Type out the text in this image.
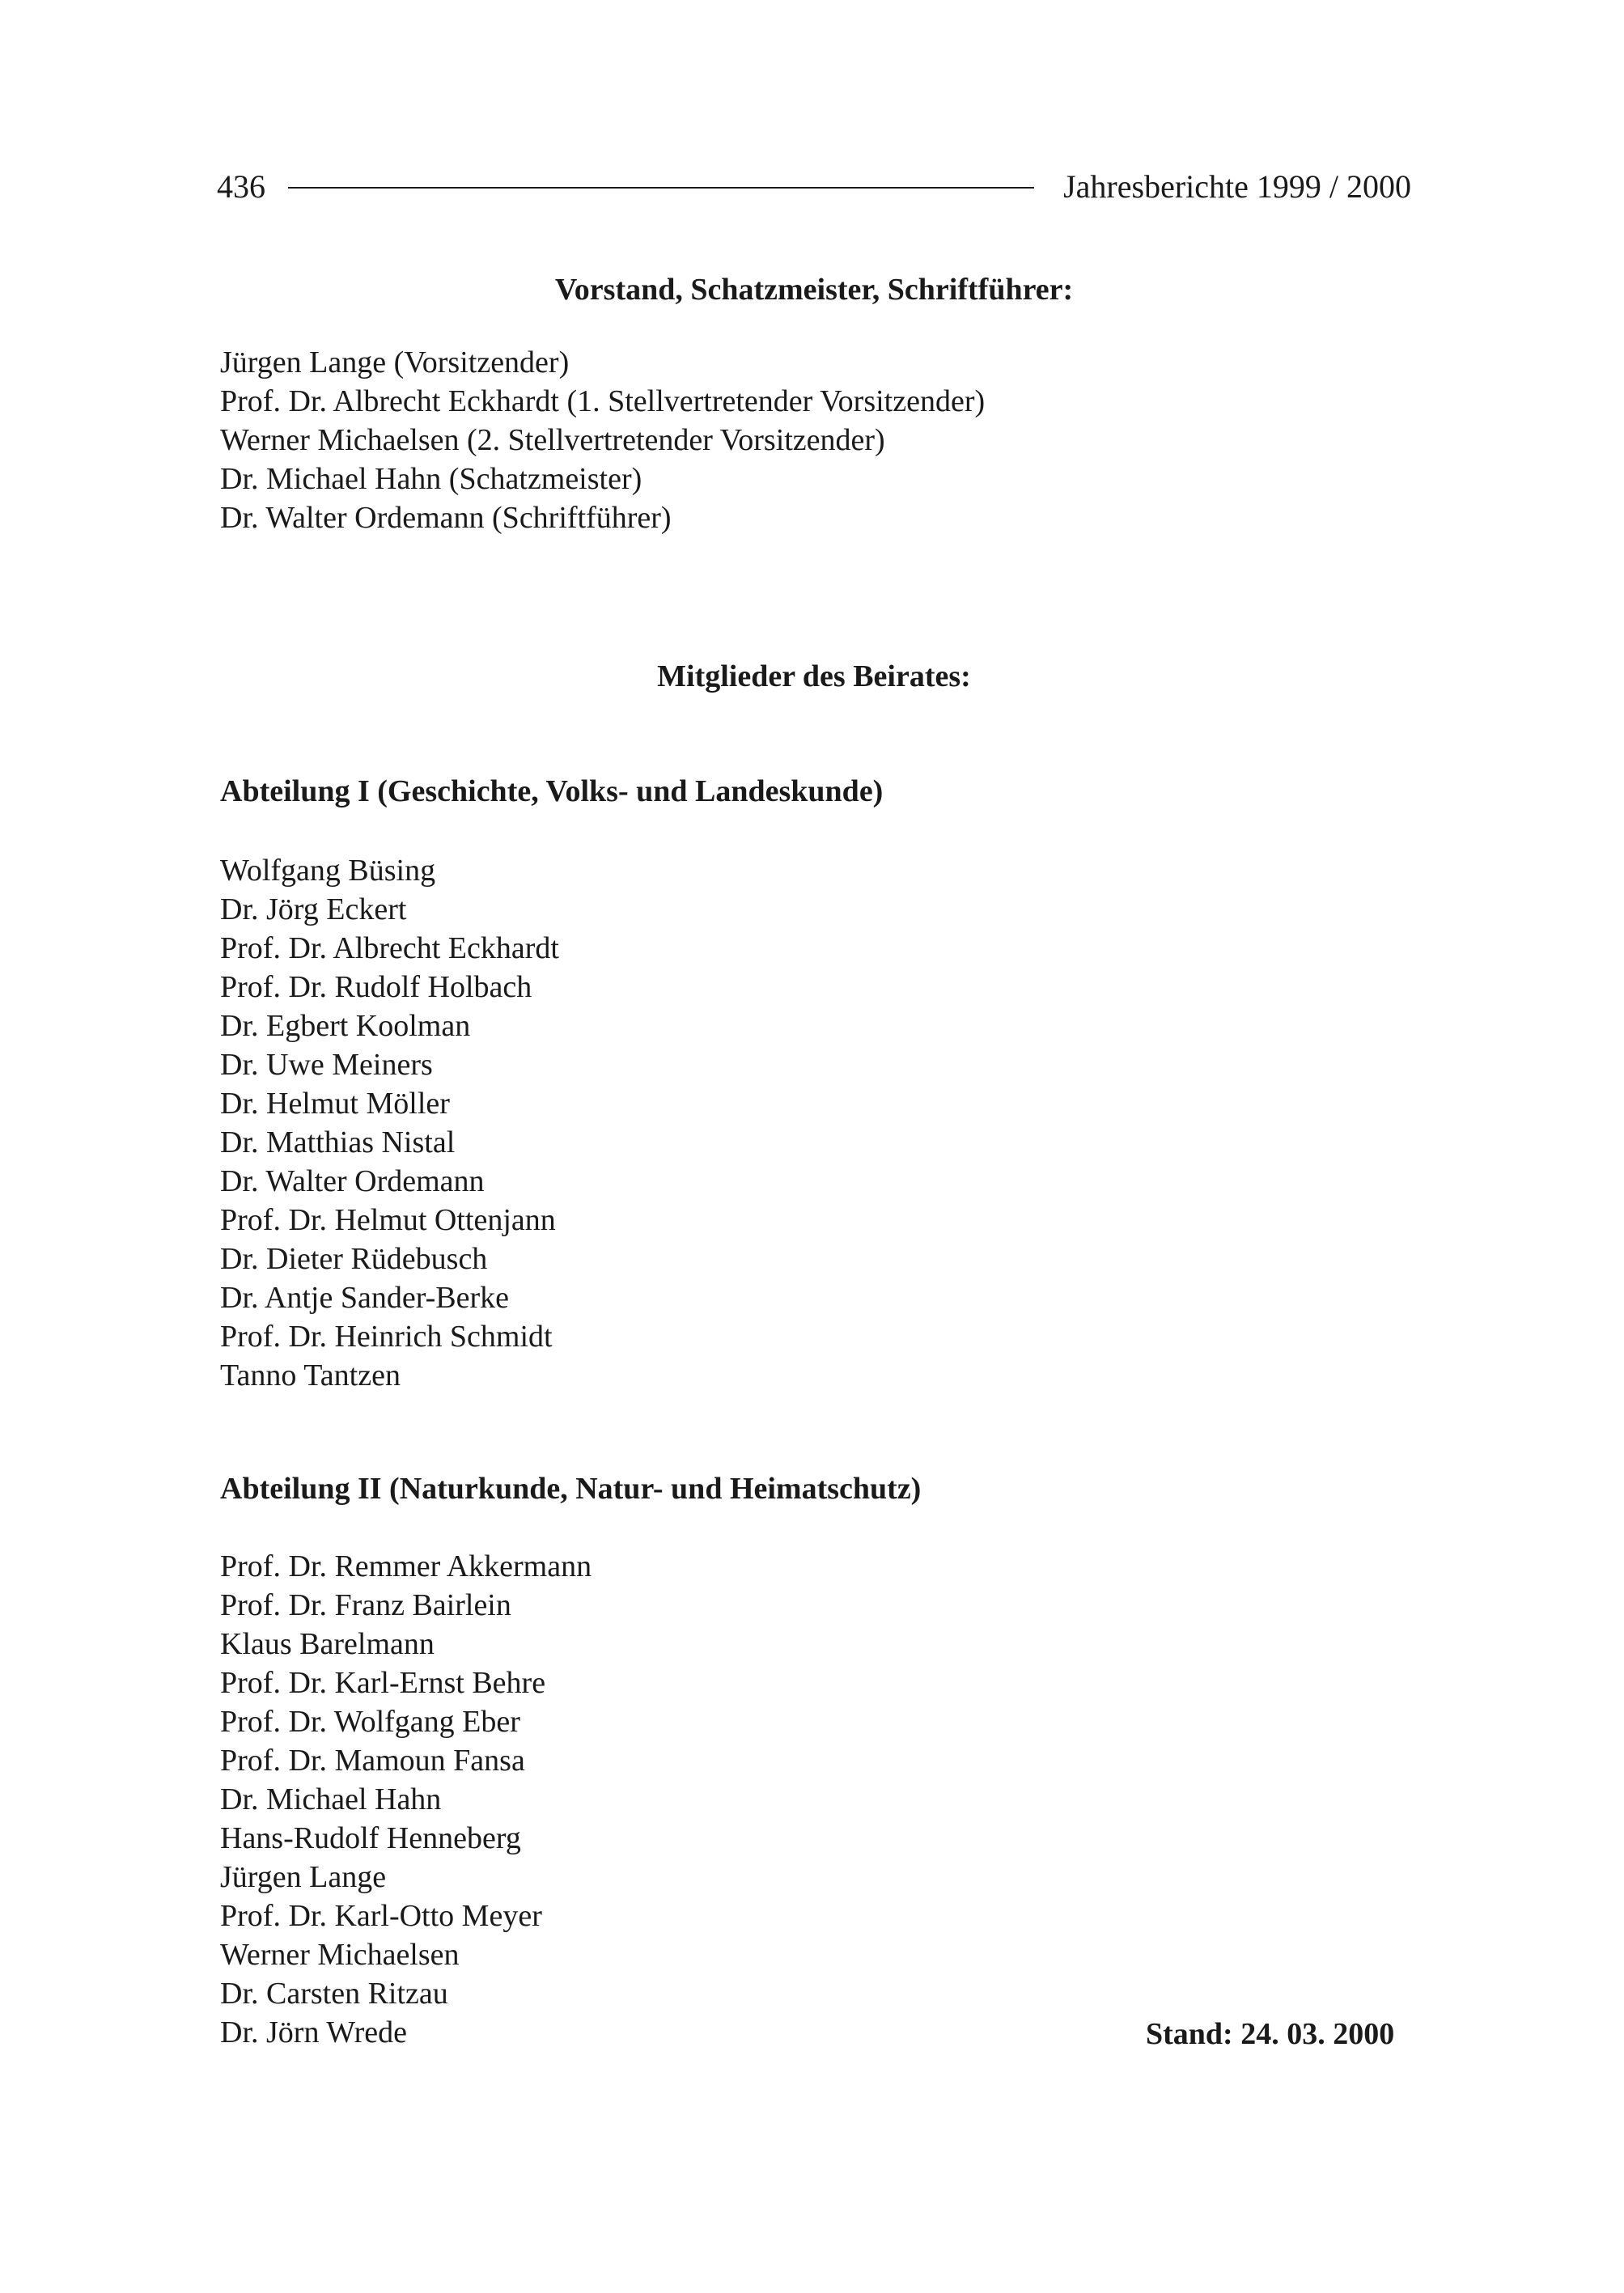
436	Jahresberichte 1999 / 2000
Vorstand, Schatzmeister, Schriftführer:
Jürgen Lange (Vorsitzender)
Prof. Dr. Albrecht Eckhardt (1. Stellvertretender Vorsitzender)
Werner Michaelsen (2. Stellvertretender Vorsitzender)
Dr. Michael Hahn (Schatzmeister)
Dr. Walter Ordemann (Schriftführer)
Mitglieder des Beirates:
Abteilung I (Geschichte, Volks- und Landeskunde)
Wolfgang Büsing
Dr. Jörg Eckert
Prof. Dr. Albrecht Eckhardt
Prof. Dr. Rudolf Holbach
Dr. Egbert Koolman
Dr. Uwe Meiners
Dr. Helmut Möller
Dr. Matthias Nistal
Dr. Walter Ordemann
Prof. Dr. Helmut Ottenjann
Dr. Dieter Rüdebusch
Dr. Antje Sander-Berke
Prof. Dr. Heinrich Schmidt
Tanno Tantzen
Abteilung II (Naturkunde, Natur- und Heimatschutz)
Prof. Dr. Remmer Akkermann
Prof. Dr. Franz Bairlein
Klaus Barelmann
Prof. Dr. Karl-Ernst Behre
Prof. Dr. Wolfgang Eber
Prof. Dr. Mamoun Fansa
Dr. Michael Hahn
Hans-Rudolf Henneberg
Jürgen Lange
Prof. Dr. Karl-Otto Meyer
Werner Michaelsen
Dr. Carsten Ritzau
Dr. Jörn Wrede	Stand: 24. 03. 2000
